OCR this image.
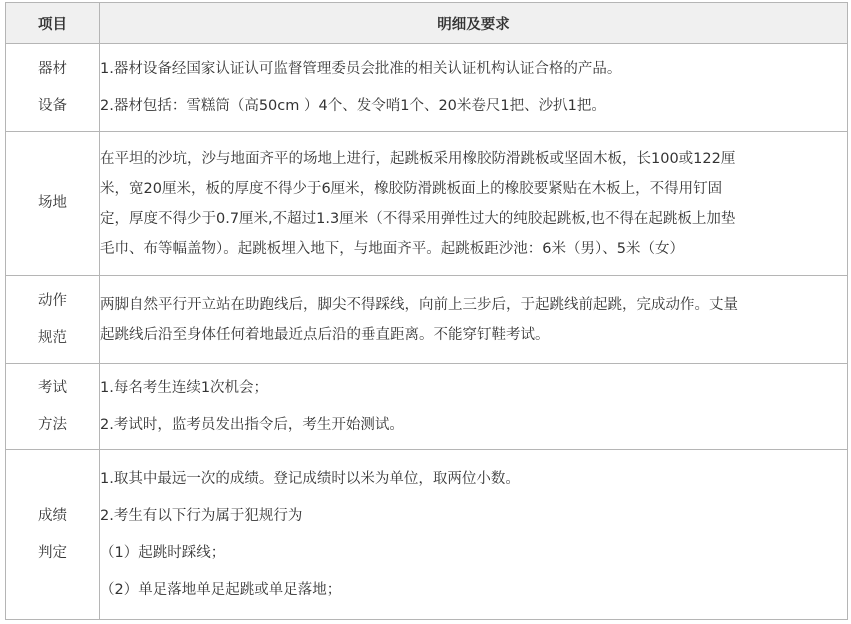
项目	明细及要求

器材
设备	1.器材设备经国家认证认可监督管理委员会批准的相关认证机构认证合格的产品。
2.器材包括：雪糕筒（高50cm ）4个、发令哨1个、20米卷尺1把、沙扒1把。

场地	在平坦的沙坑，沙与地面齐平的场地上进行，起跳板采用橡胶防滑跳板或坚固木板，长100或122厘
米，宽20厘米，板的厚度不得少于6厘米，橡胶防滑跳板面上的橡胶要紧贴在木板上，不得用钉固
定，厚度不得少于0.7厘米,不超过1.3厘米（不得采用弹性过大的纯胶起跳板,也不得在起跳板上加垫
毛巾、布等幅盖物）。起跳板埋入地下，与地面齐平。起跳板距沙池：6米（男）、5米（女）

动作
规范	两脚自然平行开立站在助跑线后，脚尖不得踩线，向前上三步后，于起跳线前起跳，完成动作。丈量
起跳线后沿至身体任何着地最近点后沿的垂直距离。不能穿钉鞋考试。

考试
方法	1.每名考生连续1次机会；
2.考试时，监考员发出指令后，考生开始测试。

成绩
判定	1.取其中最远一次的成绩。登记成绩时以米为单位，取两位小数。
2.考生有以下行为属于犯规行为
（1）起跳时踩线；
（2）单足落地单足起跳或单足落地；
